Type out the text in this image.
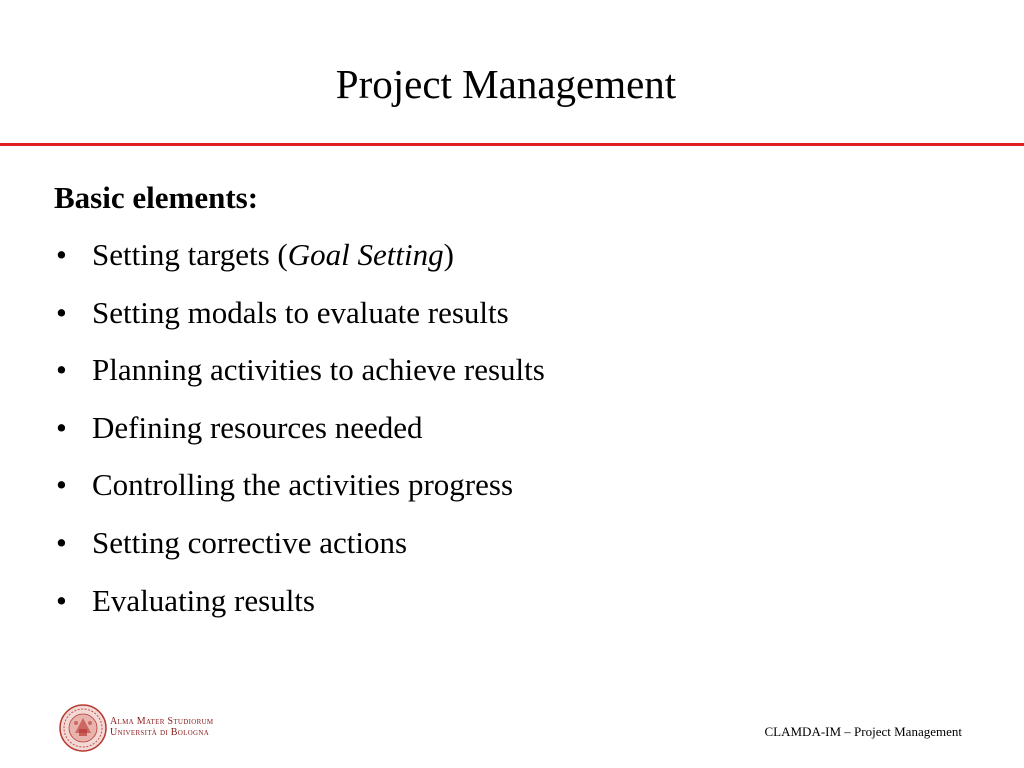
Project Management
Basic elements:
• Setting targets (Goal Setting)
• Setting modals to evaluate results
• Planning activities to achieve results
• Defining resources needed
• Controlling the activities progress
• Setting corrective actions
• Evaluating results
Alma Mater Studiorum
Università di Bologna	CLAMDA-IM – Project Management
